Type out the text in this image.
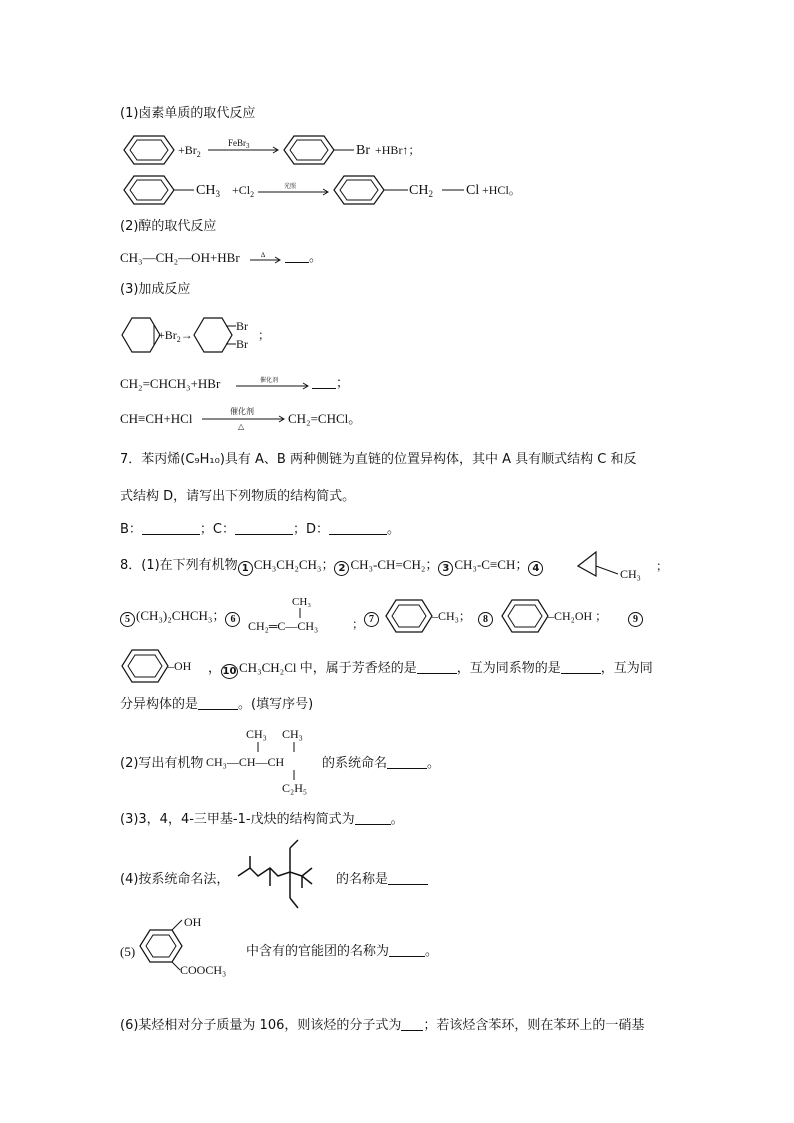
(1)卤素单质的取代反应
$+Br_2$
FeBr$_3$	Br +HBr↑；
$CH_3 +Cl_2$
光照	$CH_2$ Cl +HCl。
(2)醇的取代反应
CH₃—CH₂—OH+HBr	∆	。
(3)加成反应
$+Br_2\to$
Br
Br
；
CH₂=CHCH₃+HBr	催化剂	；
CH≡CH+HCl	催化剂
△
CH₂=CHCl。
7．苯丙烯(C₉H₁₀)具有 A、B 两种侧链为直链的位置异构体，其中 A 具有顺式结构 C 和反
式结构 D，请写出下列物质的结构简式。
B：	；C：	；D：	。
8．(1)在下列有机物 1 CH₃CH₂CH₃； 2 CH₃-CH=CH₂； 3 CH₃-C≡CH； 4	CH₃
；
5 (CH₃)₂CHCH₃； 6
CH₃
CH₂═C—CH₃	； 7	–CH₃；	8	–CH₂OH ；	9
–OH ， 10 CH₃CH₂Cl 中，属于芳香烃的是	，互为同系物的是	，互为同
分异构体的是	。(填写序号)
(2)写出有机物
CH₃ CH₃
CH₃—CH—CH
C₂H₅
的系统命名	。
(3)3，4，4-三甲基-1-戊炔的结构简式为	。
(4)按系统命名法，	的名称是
(5)
OH
COOCH₃
中含有的官能团的名称为	。
(6)某烃相对分子质量为 106，则该烃的分子式为 ；若该烃含苯环，则在苯环上的一硝基
